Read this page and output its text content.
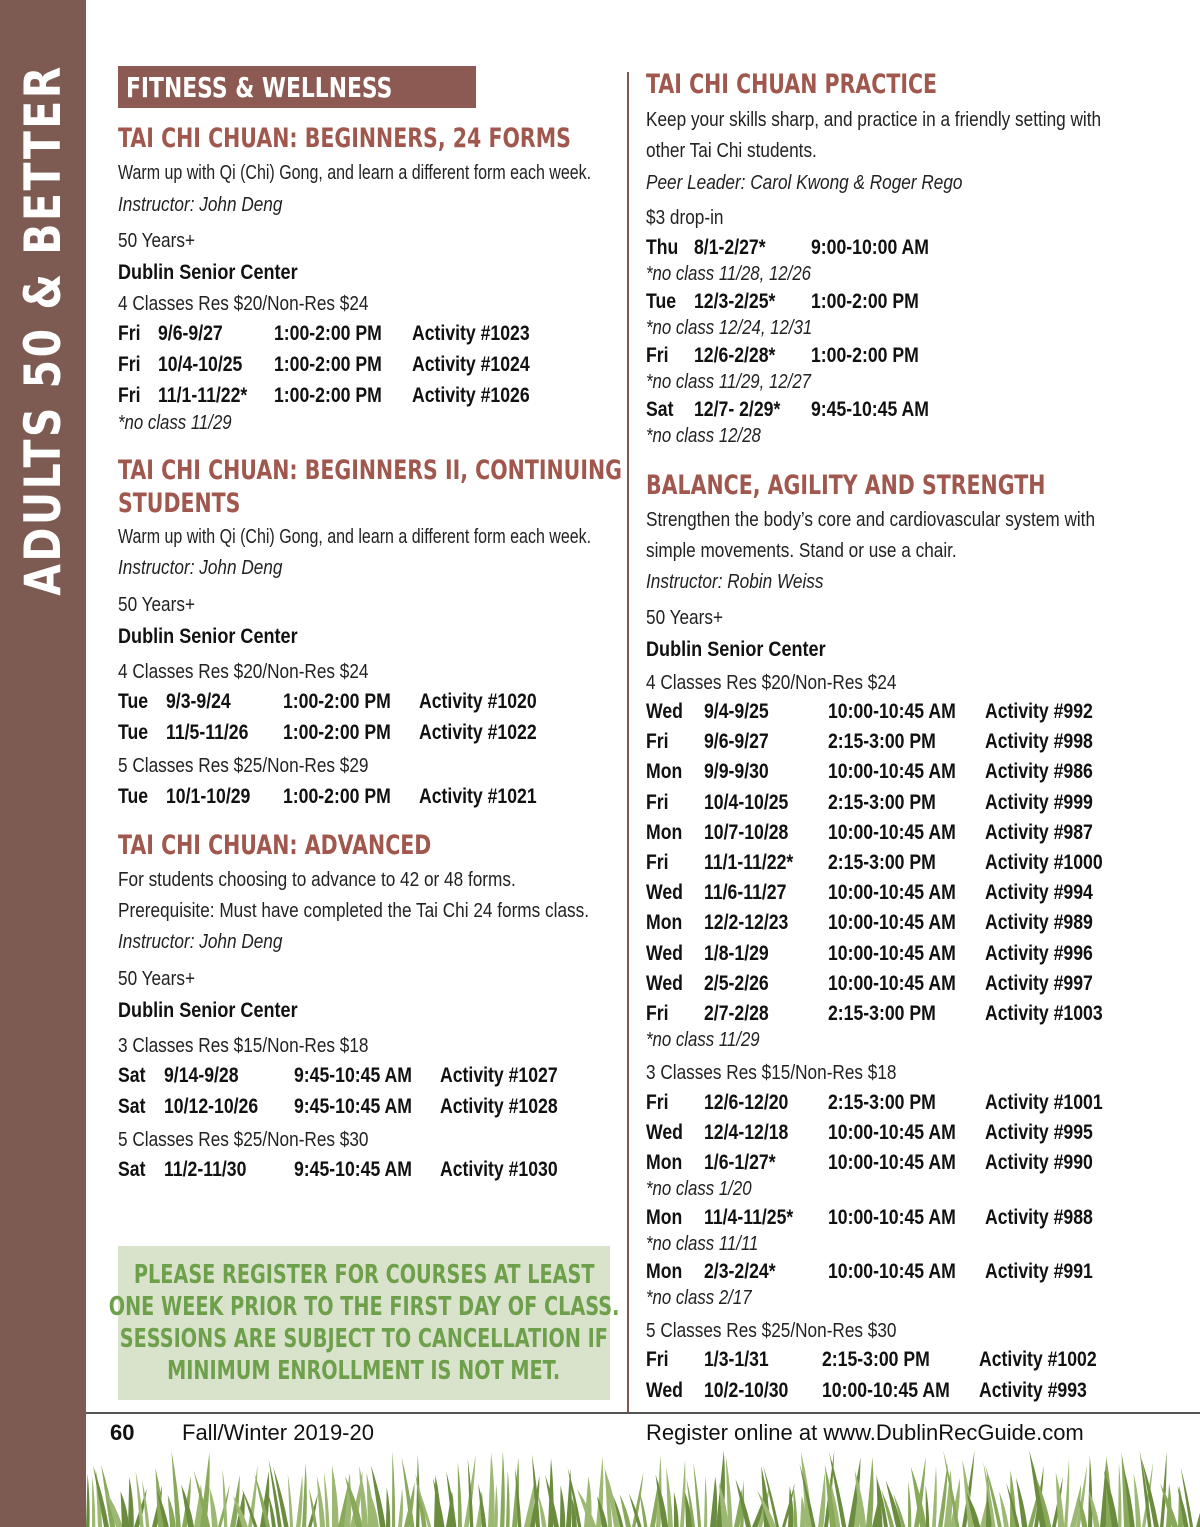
ADULTS 50 & BETTER FITNESS & WELLNESS
TAI CHI CHUAN: BEGINNERS, 24 FORMS
Warm up with Qi (Chi) Gong, and learn a different form each week.
Instructor: John Deng
50 Years+
Dublin Senior Center
4 Classes Res $20/Non-Res $24
Fri 9/6-9/27 1:00-2:00 PM Activity #1023
Fri 10/4-10/25 1:00-2:00 PM Activity #1024
Fri 11/1-11/22* 1:00-2:00 PM Activity #1026
*no class 11/29
TAI CHI CHUAN: BEGINNERS II, CONTINUING
STUDENTS
Warm up with Qi (Chi) Gong, and learn a different form each week.
Instructor: John Deng
50 Years+
Dublin Senior Center
4 Classes Res $20/Non-Res $24
Tue 9/3-9/24 1:00-2:00 PM Activity #1020
Tue 11/5-11/26 1:00-2:00 PM Activity #1022
5 Classes Res $25/Non-Res $29
Tue 10/1-10/29 1:00-2:00 PM Activity #1021
TAI CHI CHUAN: ADVANCED
For students choosing to advance to 42 or 48 forms.
Prerequisite: Must have completed the Tai Chi 24 forms class.
Instructor: John Deng
50 Years+
Dublin Senior Center
3 Classes Res $15/Non-Res $18
Sat 9/14-9/28	9:45-10:45 AM Activity #1027
Sat 10/12-10/26 9:45-10:45 AM Activity #1028
5 Classes Res $25/Non-Res $30
Sat 11/2-11/30 9:45-10:45 AM Activity #1030
PLEASE REGISTER FOR COURSES AT LEAST
ONE WEEK PRIOR TO THE FIRST DAY OF CLASS.
SESSIONS ARE SUBJECT TO CANCELLATION IF
MINIMUM ENROLLMENT IS NOT MET.
TAI CHI CHUAN PRACTICE
Keep your skills sharp, and practice in a friendly setting with
other Tai Chi students.
Peer Leader: Carol Kwong & Roger Rego
$3 drop-in
Thu 8/1-2/27* 9:00-10:00 AM
*no class 11/28, 12/26
Tue 12/3-2/25* 1:00-2:00 PM
*no class 12/24, 12/31
Fri 12/6-2/28* 1:00-2:00 PM
*no class 11/29, 12/27
Sat 12/7- 2/29* 9:45-10:45 AM
*no class 12/28
BALANCE, AGILITY AND STRENGTH
Strengthen the body’s core and cardiovascular system with
simple movements. Stand or use a chair.
Instructor: Robin Weiss
50 Years+
Dublin Senior Center
4 Classes Res $20/Non-Res $24
Wed 9/4-9/25	10:00-10:45 AM Activity #992
Fri 9/6-9/27	2:15-3:00 PM Activity #998
Mon 9/9-9/30	10:00-10:45 AM Activity #986
Fri 10/4-10/25 2:15-3:00 PM Activity #999
Mon 10/7-10/28 10:00-10:45 AM Activity #987
Fri 11/1-11/22* 2:15-3:00 PM Activity #1000
Wed 11/6-11/27 10:00-10:45 AM Activity #994
Mon 12/2-12/23 10:00-10:45 AM Activity #989
Wed 1/8-1/29	10:00-10:45 AM Activity #996
Wed 2/5-2/26	10:00-10:45 AM Activity #997
Fri 2/7-2/28	2:15-3:00 PM Activity #1003
*no class 11/29
3 Classes Res $15/Non-Res $18
Fri 12/6-12/20 2:15-3:00 PM Activity #1001
Wed 12/4-12/18 10:00-10:45 AM Activity #995
Mon 1/6-1/27* 10:00-10:45 AM Activity #990
*no class 1/20
Mon 11/4-11/25* 10:00-10:45 AM Activity #988
*no class 11/11
Mon 2/3-2/24* 10:00-10:45 AM Activity #991
*no class 2/17
5 Classes Res $25/Non-Res $30
Fri 1/3-1/31	2:15-3:00 PM Activity #1002
Wed 10/2-10/30 10:00-10:45 AM Activity #993
60 Fall/Winter 2019-20	Register online at www.DublinRecGuide.com
